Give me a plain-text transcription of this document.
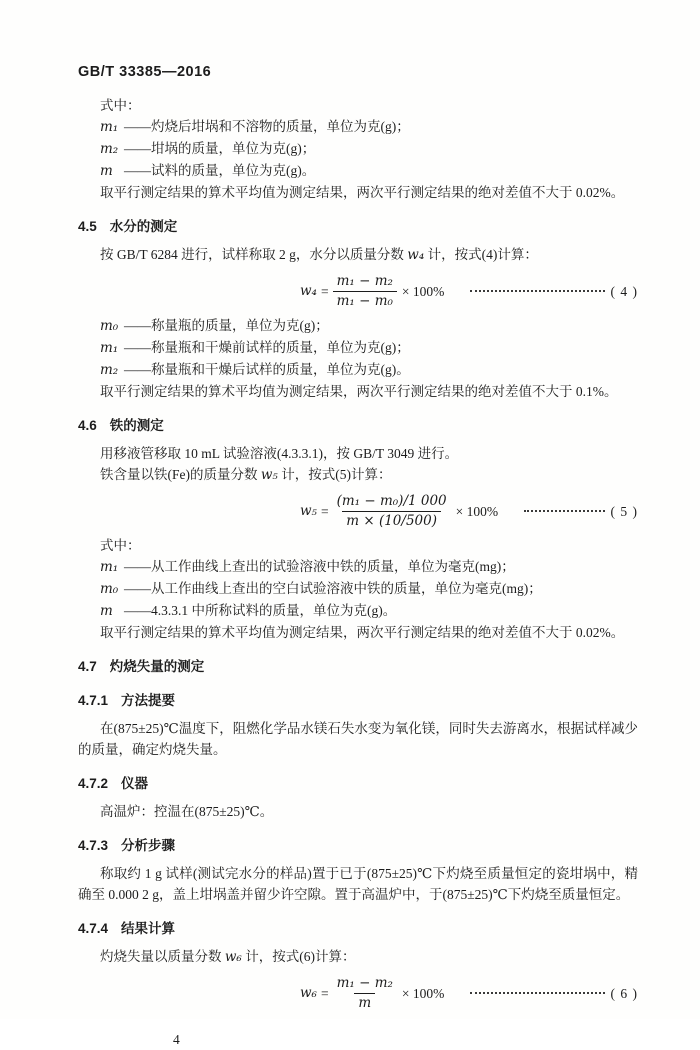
GB/T 33385—2016

式中：

m₁ ——灼烧后坩埚和不溶物的质量，单位为克(g)；

m₂ ——坩埚的质量，单位为克(g)；

m ——试料的质量，单位为克(g)。

取平行测定结果的算术平均值为测定结果，两次平行测定结果的绝对差值不大于 0.02%。

4.5 水分的测定

按 GB/T 6284 进行，试样称取 2 g，水分以质量分数 w₄ 计，按式(4)计算：

$w_4 = \frac{\text{m₁ − m₂}}{\text{m₁ − m₀}} \times 100\%$	( 4 )

m₀ ——称量瓶的质量，单位为克(g)；

m₁ ——称量瓶和干燥前试样的质量，单位为克(g)；

m₂ ——称量瓶和干燥后试样的质量，单位为克(g)。

取平行测定结果的算术平均值为测定结果，两次平行测定结果的绝对差值不大于 0.1%。

4.6 铁的测定

用移液管移取 10 mL 试验溶液(4.3.3.1)，按 GB/T 3049 进行。

铁含量以铁(Fe)的质量分数 w₅ 计，按式(5)计算：

$w_5 = \frac{\text{(m₁ − m₀)/1 000}}{m \times (10/500)} \times 100\%$	( 5 )

式中：

m₁ ——从工作曲线上查出的试验溶液中铁的质量，单位为毫克(mg)；

m₀ ——从工作曲线上查出的空白试验溶液中铁的质量，单位为毫克(mg)；

m ——4.3.3.1 中所称试料的质量，单位为克(g)。

取平行测定结果的算术平均值为测定结果，两次平行测定结果的绝对差值不大于 0.02%。

4.7 灼烧失量的测定
4.7.1 方法提要

在(875±25)℃温度下，阻燃化学品水镁石失水变为氧化镁，同时失去游离水，根据试样减少的质量，确定灼烧失量。

4.7.2 仪器

高温炉：控温在(875±25)℃。

4.7.3 分析步骤

称取约 1 g 试样(测试完水分的样品)置于已于(875±25)℃下灼烧至质量恒定的瓷坩埚中，精确至 0.000 2 g，盖上坩埚盖并留少许空隙。置于高温炉中，于(875±25)℃下灼烧至质量恒定。

4.7.4 结果计算

灼烧失量以质量分数 w₆ 计，按式(6)计算：

$w_6 = \frac{\text{m₁ − m₂}}{m} \times 100\%$	( 6 )
4
